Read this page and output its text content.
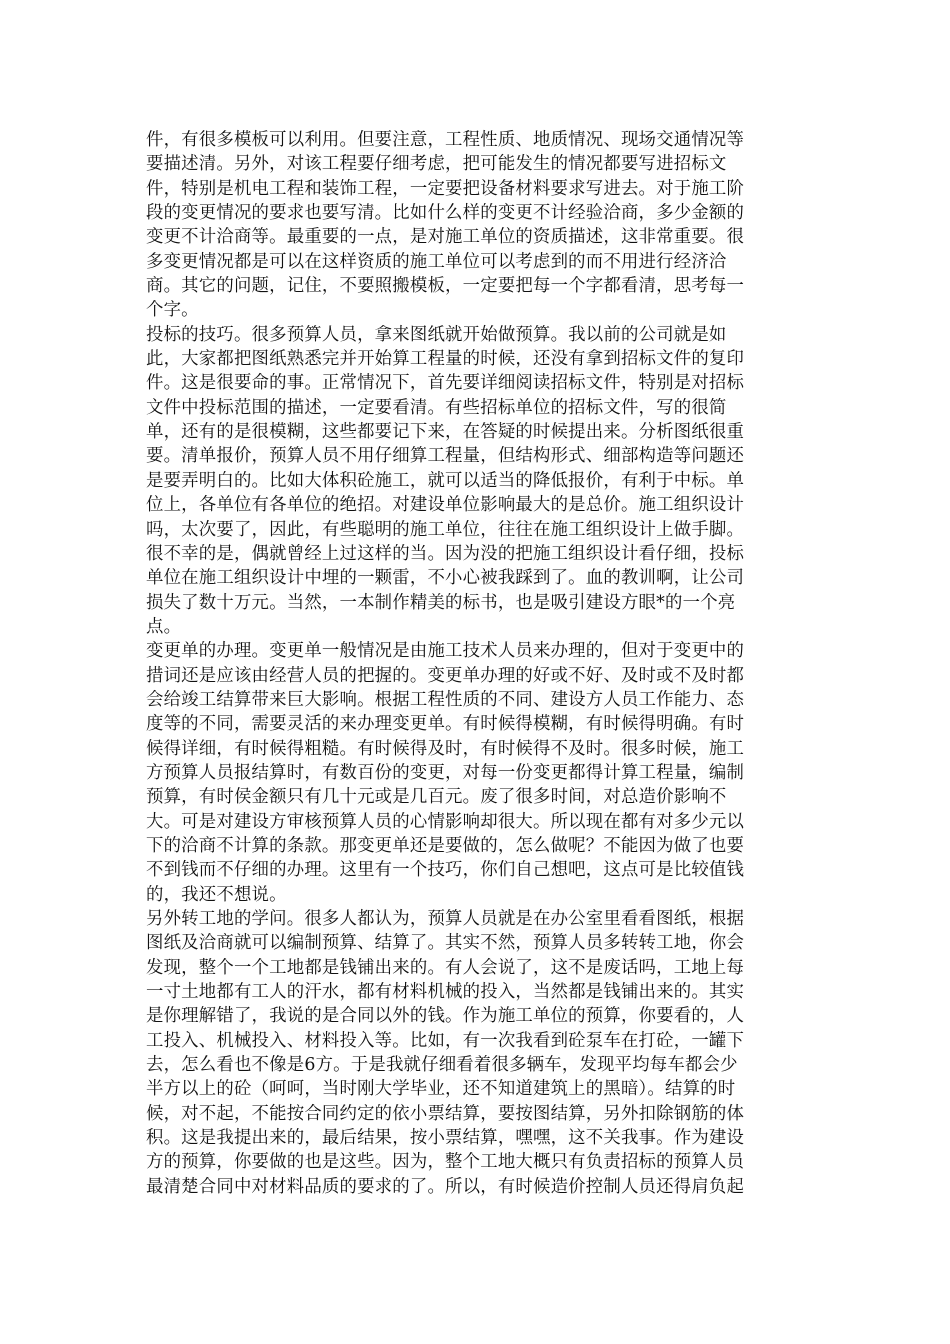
件，有很多模板可以利用。但要注意，工程性质、地质情况、现场交通情况等
要描述清。另外，对该工程要仔细考虑，把可能发生的情况都要写进招标文
件，特别是机电工程和装饰工程，一定要把设备材料要求写进去。对于施工阶
段的变更情况的要求也要写清。比如什么样的变更不计经验洽商，多少金额的
变更不计洽商等。最重要的一点，是对施工单位的资质描述，这非常重要。很
多变更情况都是可以在这样资质的施工单位可以考虑到的而不用进行经济洽
商。其它的问题，记住，不要照搬模板，一定要把每一个字都看清，思考每一
个字。
投标的技巧。很多预算人员，拿来图纸就开始做预算。我以前的公司就是如
此，大家都把图纸熟悉完并开始算工程量的时候，还没有拿到招标文件的复印
件。这是很要命的事。正常情况下，首先要详细阅读招标文件，特别是对招标
文件中投标范围的描述，一定要看清。有些招标单位的招标文件，写的很简
单，还有的是很模糊，这些都要记下来，在答疑的时候提出来。分析图纸很重
要。清单报价，预算人员不用仔细算工程量，但结构形式、细部构造等问题还
是要弄明白的。比如大体积砼施工，就可以适当的降低报价，有利于中标。单
位上，各单位有各单位的绝招。对建设单位影响最大的是总价。施工组织设计
吗，太次要了，因此，有些聪明的施工单位，往往在施工组织设计上做手脚。
很不幸的是，偶就曾经上过这样的当。因为没的把施工组织设计看仔细，投标
单位在施工组织设计中埋的一颗雷，不小心被我踩到了。血的教训啊，让公司
损失了数十万元。当然，一本制作精美的标书，也是吸引建设方眼*的一个亮
点。
变更单的办理。变更单一般情况是由施工技术人员来办理的，但对于变更中的
措词还是应该由经营人员的把握的。变更单办理的好或不好、及时或不及时都
会给竣工结算带来巨大影响。根据工程性质的不同、建设方人员工作能力、态
度等的不同，需要灵活的来办理变更单。有时候得模糊，有时候得明确。有时
候得详细，有时候得粗糙。有时候得及时，有时候得不及时。很多时候，施工
方预算人员报结算时，有数百份的变更，对每一份变更都得计算工程量，编制
预算，有时侯金额只有几十元或是几百元。废了很多时间，对总造价影响不
大。可是对建设方审核预算人员的心情影响却很大。所以现在都有对多少元以
下的洽商不计算的条款。那变更单还是要做的，怎么做呢？不能因为做了也要
不到钱而不仔细的办理。这里有一个技巧，你们自己想吧，这点可是比较值钱
的，我还不想说。
另外转工地的学问。很多人都认为，预算人员就是在办公室里看看图纸，根据
图纸及洽商就可以编制预算、结算了。其实不然，预算人员多转转工地，你会
发现，整个一个工地都是钱铺出来的。有人会说了，这不是废话吗，工地上每
一寸土地都有工人的汗水，都有材料机械的投入，当然都是钱铺出来的。其实
是你理解错了，我说的是合同以外的钱。作为施工单位的预算，你要看的，人
工投入、机械投入、材料投入等。比如，有一次我看到砼泵车在打砼，一罐下
去，怎么看也不像是6方。于是我就仔细看着很多辆车，发现平均每车都会少
半方以上的砼（呵呵，当时刚大学毕业，还不知道建筑上的黑暗）。结算的时
候，对不起，不能按合同约定的依小票结算，要按图结算，另外扣除钢筋的体
积。这是我提出来的，最后结果，按小票结算，嘿嘿，这不关我事。作为建设
方的预算，你要做的也是这些。因为，整个工地大概只有负责招标的预算人员
最清楚合同中对材料品质的要求的了。所以，有时候造价控制人员还得肩负起
